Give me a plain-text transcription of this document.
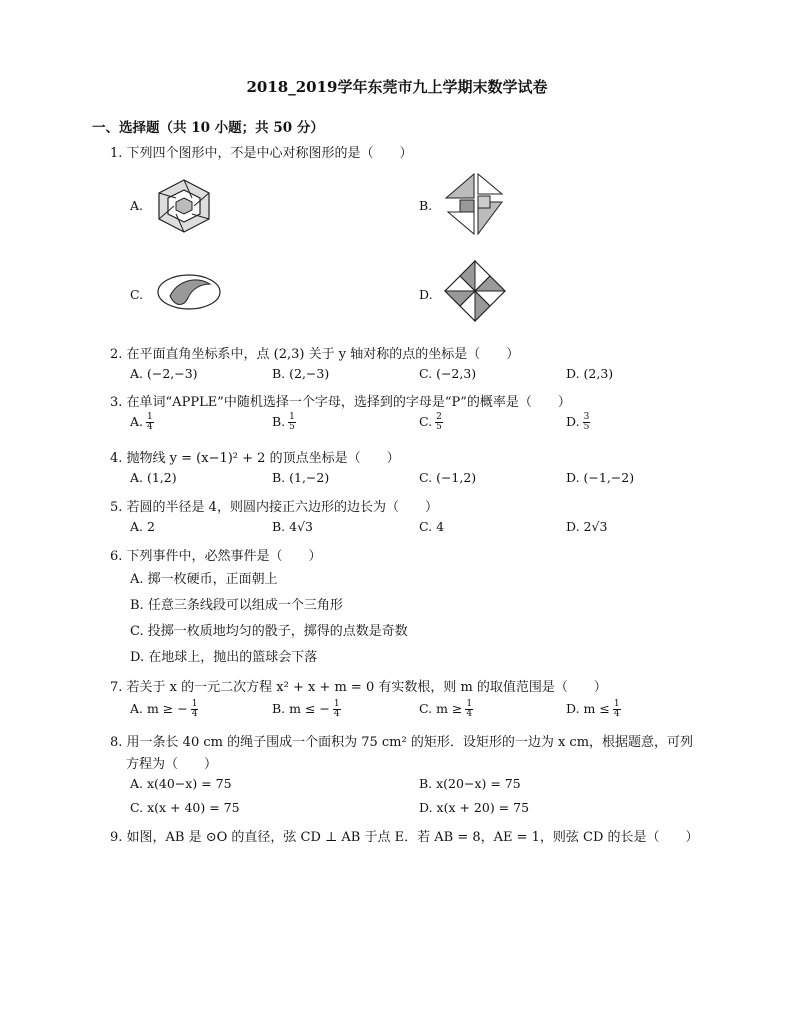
2018_2019学年东莞市九上学期末数学试卷
一、选择题（共 10 小题；共 50 分）
1. 下列四个图形中，不是中心对称图形的是（　　）
A.	B.
C.	D.
2. 在平面直角坐标系中，点 (2,3) 关于 y 轴对称的点的坐标是（　　）
A. (−2,−3)	B. (2,−3)	C. (−2,3)	D. (2,3)
3. 在单词“APPLE”中随机选择一个字母，选择到的字母是“P”的概率是（　　）
A. $\frac{1}{4}$	B. $\frac{1}{5}$	C. $\frac{2}{5}$	D. $\frac{3}{5}$
4. 抛物线 y = (x−1)² + 2 的顶点坐标是（　　）
A. (1,2)	B. (1,−2)	C. (−1,2)	D. (−1,−2)
5. 若圆的半径是 4，则圆内接正六边形的边长为（　　）
A. 2	B. 4√3	C. 4	D. 2√3
6. 下列事件中，必然事件是（　　）
A. 掷一枚硬币，正面朝上
B. 任意三条线段可以组成一个三角形
C. 投掷一枚质地均匀的骰子，掷得的点数是奇数
D. 在地球上，抛出的篮球会下落
7. 若关于 x 的一元二次方程 x² + x + m = 0 有实数根，则 m 的取值范围是（　　）
A. m ≥ − $\frac{1}{4}$	B. m ≤ − $\frac{1}{4}$	C. $m \ge \frac{1}{4}$	D. $m \le \frac{1}{4}$
8. 用一条长 40 cm 的绳子围成一个面积为 75 cm² 的矩形．设矩形的一边为 x cm，根据题意，可列
方程为（　　）
A. x(40−x) = 75	B. x(20−x) = 75
C. x(x + 40) = 75	D. x(x + 20) = 75
9. 如图，AB 是 ⊙O 的直径，弦 CD ⊥ AB 于点 E．若 AB = 8，AE = 1，则弦 CD 的长是（　　）
